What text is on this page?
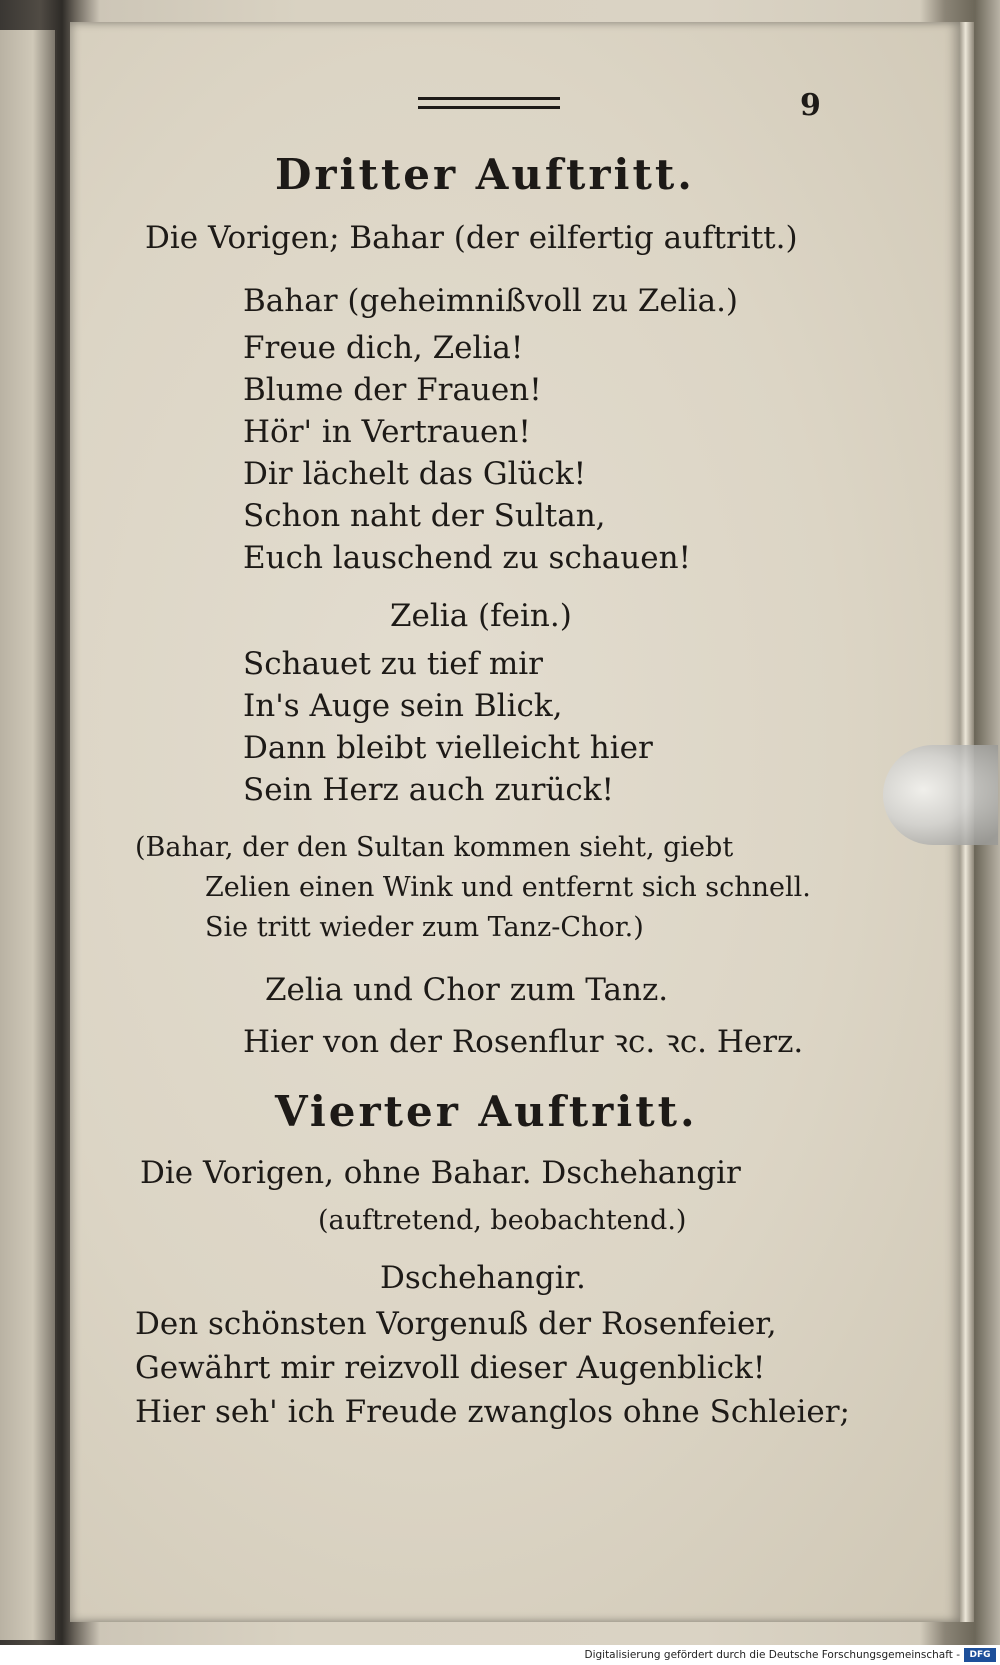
9
Dritter Auftritt.
Die Vorigen; Bahar (der eilfertig auftritt.)
Bahar (geheimnißvoll zu Zelia.)
Freue dich, Zelia!
Blume der Frauen!
Hör' in Vertrauen!
Dir lächelt das Glück!
Schon naht der Sultan,
Euch lauschend zu schauen!
Zelia (fein.)
Schauet zu tief mir
In's Auge sein Blick,
Dann bleibt vielleicht hier
Sein Herz auch zurück!
(Bahar, der den Sultan kommen sieht, giebt
Zelien einen Wink und entfernt sich schnell.
Sie tritt wieder zum Tanz-Chor.)
Zelia und Chor zum Tanz.
Hier von der Rosenflur ꝛc. ꝛc. Herz.
Vierter Auftritt.
Die Vorigen, ohne Bahar. Dschehangir
(auftretend, beobachtend.)
Dschehangir.
Den schönsten Vorgenuß der Rosenfeier,
Gewährt mir reizvoll dieser Augenblick!
Hier seh' ich Freude zwanglos ohne Schleier;
Digitalisierung gefördert durch die Deutsche Forschungsgemeinschaft -	DFG
